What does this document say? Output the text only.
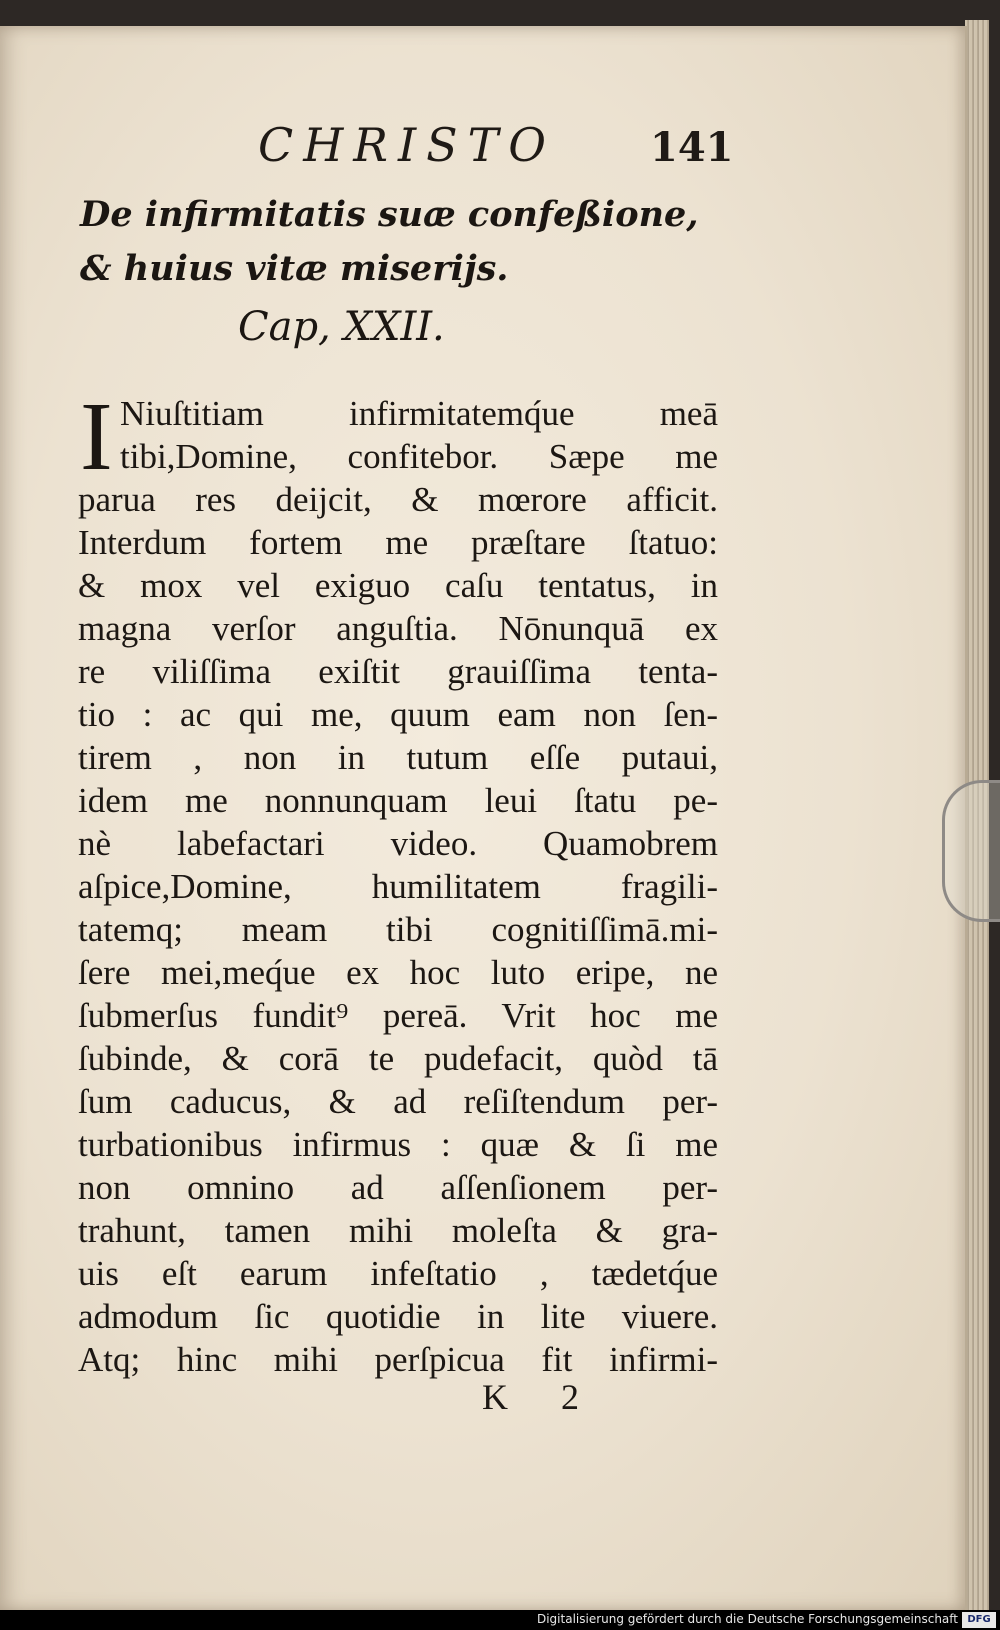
CHRISTO 141
De infirmitatis suæ confeßione, & huius vitæ miserijs.
Cap, XXII.
I Niuſtitiam infirmitatemq́ue meā
tibi,Domine, confitebor. Sæpe me
parua res deijcit, & mœrore afficit.
Interdum fortem me præſtare ſtatuo:
& mox vel exiguo caſu tentatus, in
magna verſor anguſtia. Nōnunquā ex
re viliſſima exiſtit grauiſſima tenta-
tio : ac qui me, quum eam non ſen-
tirem , non in tutum eſſe putaui,
idem me nonnunquam leui ſtatu pe-
nè labefactari video. Quamobrem
aſpice,Domine, humilitatem fragili-
tatemq; meam tibi cognitiſſimā.mi-
ſere mei,meq́ue ex hoc luto eripe, ne
ſubmerſus fundit⁹ pereā. Vrit hoc me
ſubinde, & corā te pudefacit, quòd tā
ſum caducus, & ad reſiſtendum per-
turbationibus infirmus : quæ & ſi me
non omnino ad aſſenſionem per-
trahunt, tamen mihi moleſta & gra-
uis eſt earum infeſtatio , tædetq́ue
admodum ſic quotidie in lite viuere.
Atq; hinc mihi perſpicua fit infirmi-
K 2
Digitalisierung gefördert durch die Deutsche Forschungsgemeinschaft DFG
